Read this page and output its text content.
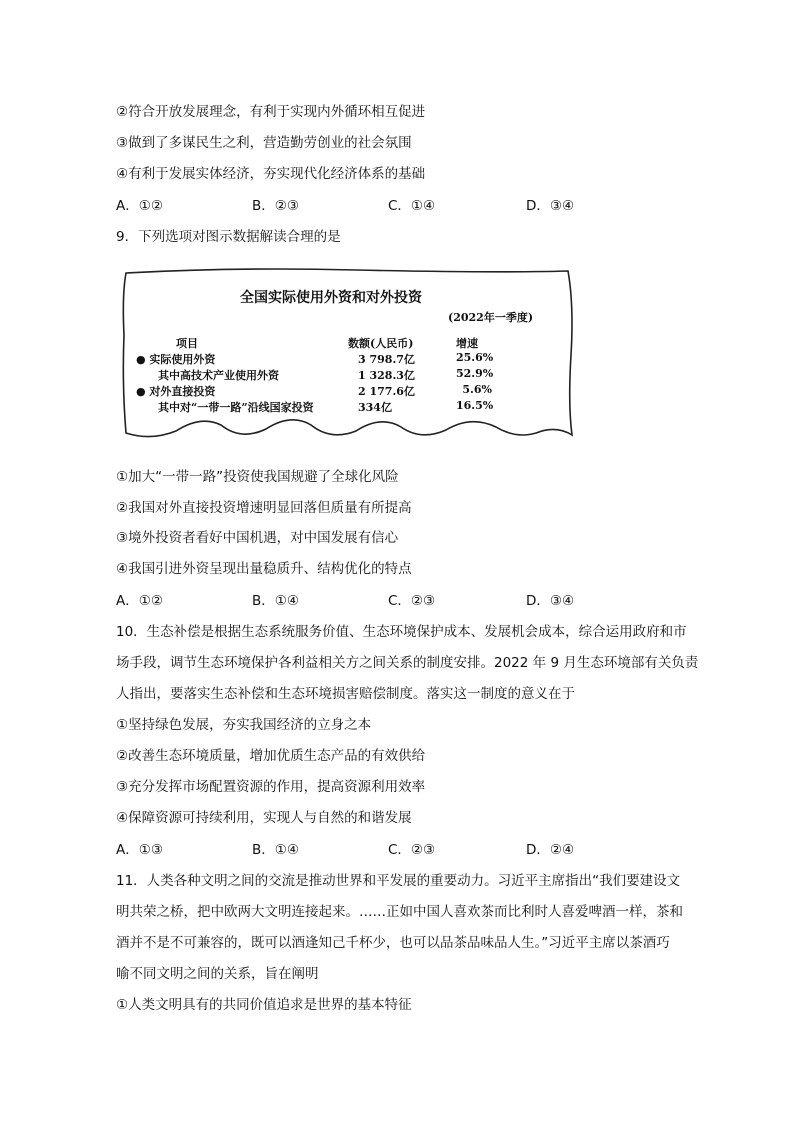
②符合开放发展理念，有利于实现内外循环相互促进
③做到了多谋民生之利，营造勤劳创业的社会氛围
④有利于发展实体经济，夯实现代化经济体系的基础
A．①②	B．②③	C．①④	D．③④
9．下列选项对图示数据解读合理的是
全国实际使用外资和对外投资
(2022年一季度)
项目	数额(人民币)	增速
● 实际使用外资	3 798.7亿	25.6%
其中高技术产业使用外资	1 328.3亿	52.9%
● 对外直接投资	2 177.6亿	5.6%
其中对“一带一路”沿线国家投资	334亿	16.5%
①加大“一带一路”投资使我国规避了全球化风险
②我国对外直接投资增速明显回落但质量有所提高
③境外投资者看好中国机遇，对中国发展有信心
④我国引进外资呈现出量稳质升、结构优化的特点
A．①②	B．①④	C．②③	D．③④
10．生态补偿是根据生态系统服务价值、生态环境保护成本、发展机会成本，综合运用政府和市
场手段，调节生态环境保护各利益相关方之间关系的制度安排。2022 年 9 月生态环境部有关负责
人指出，要落实生态补偿和生态环境损害赔偿制度。落实这一制度的意义在于
①坚持绿色发展，夯实我国经济的立身之本
②改善生态环境质量，增加优质生态产品的有效供给
③充分发挥市场配置资源的作用，提高资源利用效率
④保障资源可持续利用，实现人与自然的和谐发展
A．①③	B．①④	C．②③	D．②④
11．人类各种文明之间的交流是推动世界和平发展的重要动力。习近平主席指出“我们要建设文
明共荣之桥，把中欧两大文明连接起来。……正如中国人喜欢茶而比利时人喜爱啤酒一样，茶和
酒并不是不可兼容的，既可以酒逢知己千杯少，也可以品茶品味品人生。”习近平主席以茶酒巧
喻不同文明之间的关系，旨在阐明
①人类文明具有的共同价值追求是世界的基本特征
